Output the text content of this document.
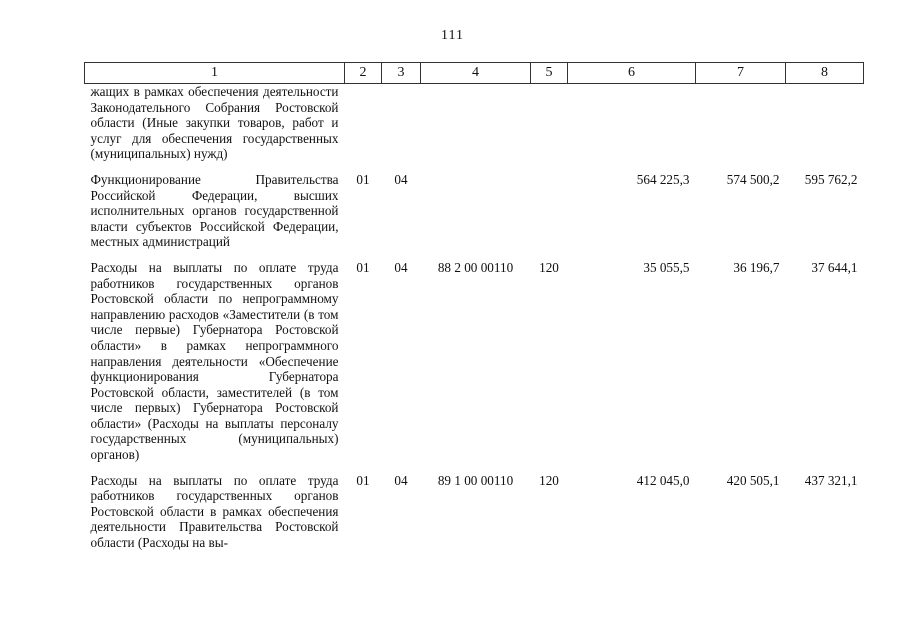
111
1	2	3	4	5	6	7	8
жащих в рамках обеспечения деятельности Законодательного Собрания Ростовской области (Иные закупки товаров, работ и услуг для обеспечения государственных (муниципальных) нужд)							
Функционирование Правительства Российской Федерации, высших исполнительных органов государственной власти субъектов Российской Федерации, местных администраций	01	04			564 225,3	574 500,2	595 762,2
Расходы на выплаты по оплате труда работников государственных органов Ростовской области по непрограммному направлению расходов «Заместители (в том числе первые) Губернатора Ростовской области» в рамках непрограммного направления деятельности «Обеспечение функционирования Губернатора Ростовской области, заместителей (в том числе первых) Губернатора Ростовской области» (Расходы на выплаты персоналу государственных (муниципальных) органов)	01	04	88 2 00 00110	120	35 055,5	36 196,7	37 644,1
Расходы на выплаты по оплате труда работников государственных органов Ростовской области в рамках обеспечения деятельности Правительства Ростовской области (Расходы на вы-	01	04	89 1 00 00110	120	412 045,0	420 505,1	437 321,1
